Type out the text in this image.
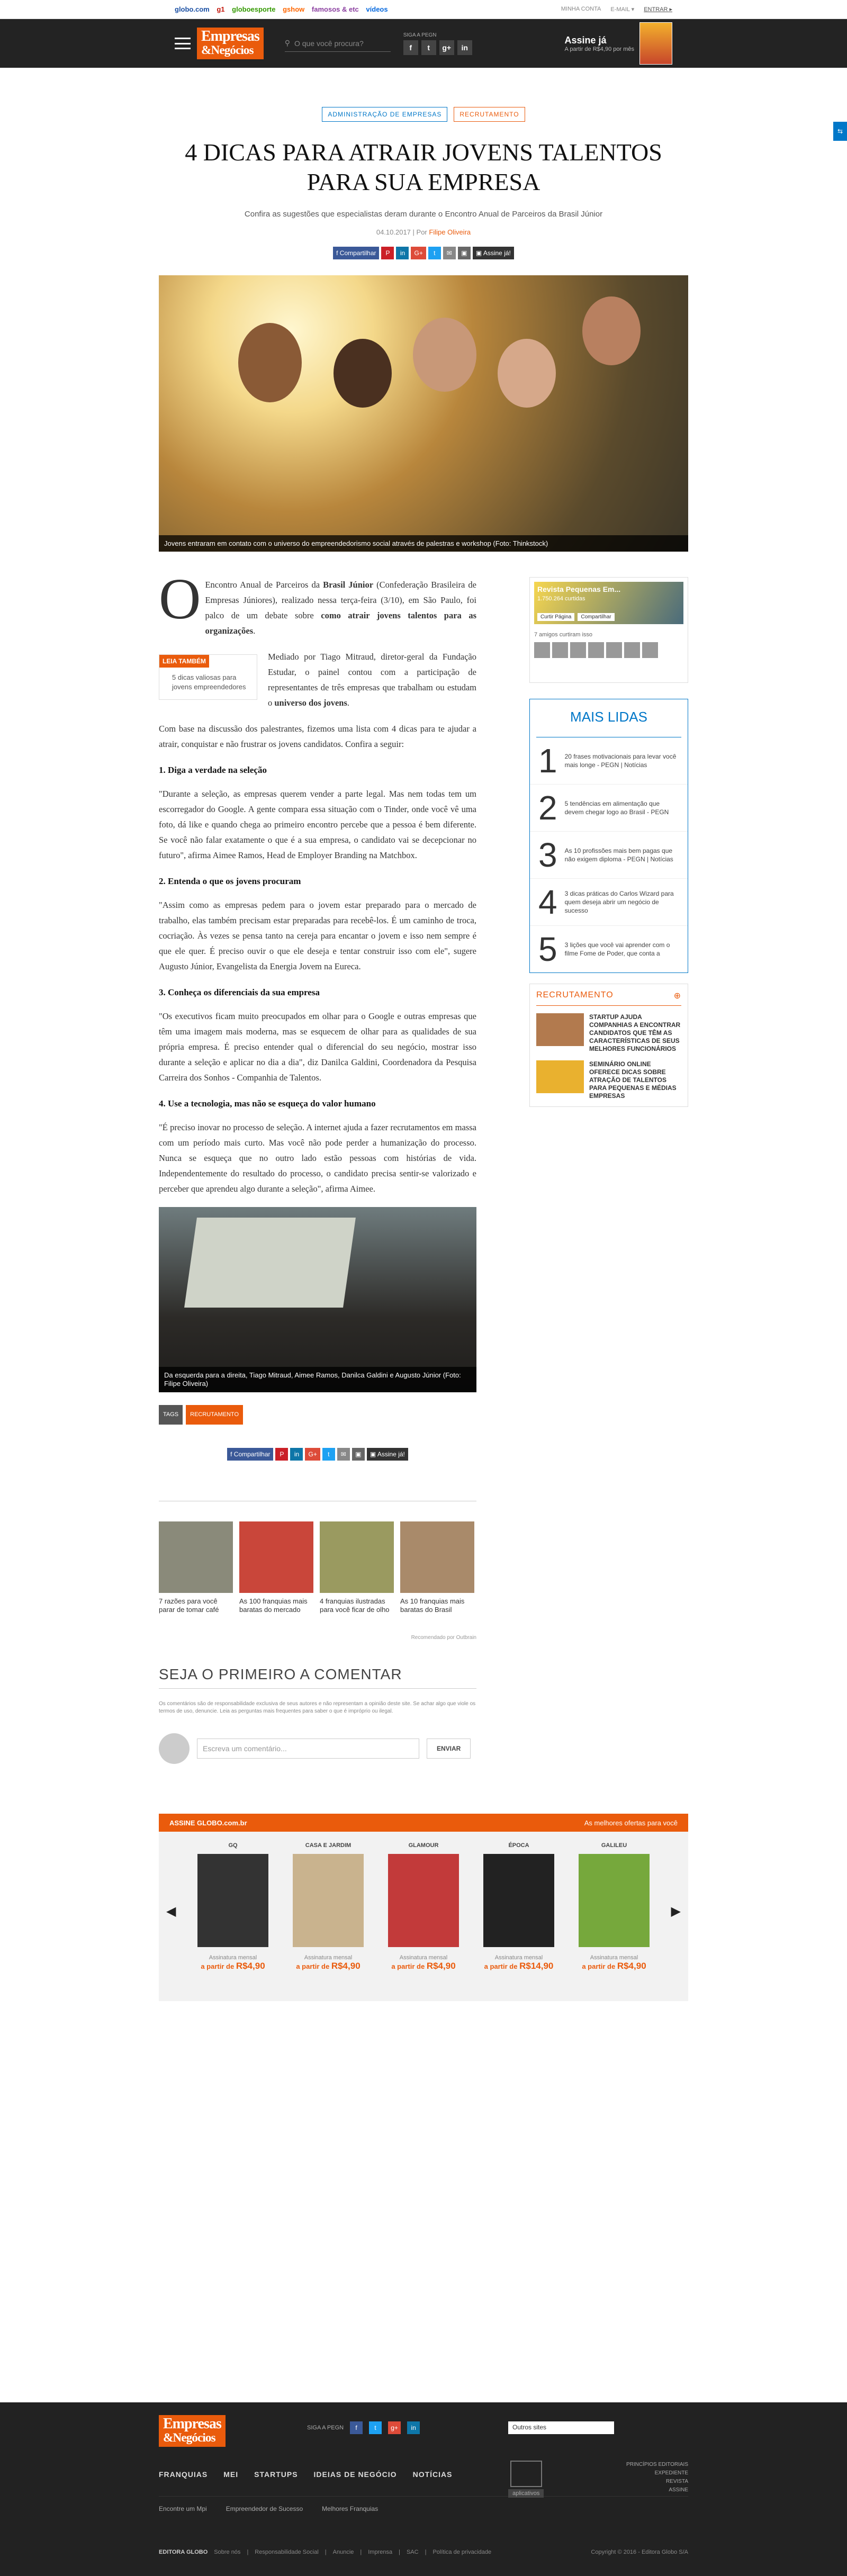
globo.com g1 globoesporte gshow famosos & etc vídeos	MINHA CONTA E-MAIL ▾ ENTRAR ▸
Empresas
&Negócios
⚲ O que você procura?
SIGA A PEGN
f	t	g+	in
Assine já
A partir de R$4,90 por mês
⇆
ADMINISTRAÇÃO DE EMPRESAS	RECRUTAMENTO
4 DICAS PARA ATRAIR JOVENS TALENTOS PARA SUA EMPRESA
Confira as sugestões que especialistas deram durante o Encontro Anual de Parceiros da Brasil Júnior
04.10.2017 | Por Filipe Oliveira
f Compartilhar	P	in	G+	t	✉	▣	▣ Assine já!
Jovens entraram em contato com o universo do empreendedorismo social através de palestras e workshop (Foto: Thinkstock)
O Encontro Anual de Parceiros da Brasil Júnior (Confederação Brasileira de Empresas Júniores), realizado nessa terça-feira (3/10), em São Paulo, foi palco de um debate sobre como atrair jovens talentos para as organizações.

LEIA TAMBÉM
5 dicas valiosas para jovens empreendedores

Mediado por Tiago Mitraud, diretor-geral da Fundação Estudar, o painel contou com a participação de representantes de três empresas que trabalham ou estudam o universo dos jovens.

Com base na discussão dos palestrantes, fizemos uma lista com 4 dicas para te ajudar a atrair, conquistar e não frustrar os jovens candidatos. Confira a seguir:

1. Diga a verdade na seleção

"Durante a seleção, as empresas querem vender a parte legal. Mas nem todas tem um escorregador do Google. A gente compara essa situação com o Tinder, onde você vê uma foto, dá like e quando chega ao primeiro encontro percebe que a pessoa é bem diferente. Se você não falar exatamente o que é a sua empresa, o candidato vai se decepcionar no futuro", afirma Aimee Ramos, Head de Employer Branding na Matchbox.

2. Entenda o que os jovens procuram

"Assim como as empresas pedem para o jovem estar preparado para o mercado de trabalho, elas também precisam estar preparadas para recebê-los. É um caminho de troca, cocriação. Às vezes se pensa tanto na cereja para encantar o jovem e isso nem sempre é que ele quer. É preciso ouvir o que ele deseja e tentar construir isso com ele", sugere Augusto Júnior, Evangelista da Energia Jovem na Eureca.

3. Conheça os diferenciais da sua empresa

"Os executivos ficam muito preocupados em olhar para o Google e outras empresas que têm uma imagem mais moderna, mas se esquecem de olhar para as qualidades de sua própria empresa. É preciso entender qual o diferencial do seu negócio, mostrar isso durante a seleção e aplicar no dia a dia", diz Danilca Galdini, Coordenadora da Pesquisa Carreira dos Sonhos - Companhia de Talentos.

4. Use a tecnologia, mas não se esqueça do valor humano

"É preciso inovar no processo de seleção. A internet ajuda a fazer recrutamentos em massa com um período mais curto. Mas você não pode perder a humanização do processo. Nunca se esqueça que no outro lado estão pessoas com histórias de vida. Independentemente do resultado do processo, o candidato precisa sentir-se valorizado e perceber que aprendeu algo durante a seleção", afirma Aimee.

Da esquerda para a direita, Tiago Mitraud, Aimee Ramos, Danilca Galdini e Augusto Júnior (Foto: Filipe Oliveira)
TAGS	RECRUTAMENTO
f Compartilhar	P	in	G+	t	✉	▣	▣ Assine já!
7 razões para você parar de tomar café
As 100 franquias mais baratas do mercado
4 franquias ilustradas para você ficar de olho
As 10 franquias mais baratas do Brasil
Recomendado por Outbrain
SEJA O PRIMEIRO A COMENTAR
Os comentários são de responsabilidade exclusiva de seus autores e não representam a opinião deste site. Se achar algo que viole os termos de uso, denuncie. Leia as perguntas mais frequentes para saber o que é impróprio ou ilegal.
Escreva um comentário...	ENVIAR
Revista Pequenas Em...
1.750.264 curtidas
Curtir Página	Compartilhar
7 amigos curtiram isso
MAIS LIDAS
1 20 frases motivacionais para levar você mais longe - PEGN | Notícias
2 5 tendências em alimentação que devem chegar logo ao Brasil - PEGN
3 As 10 profissões mais bem pagas que não exigem diploma - PEGN | Notícias
4 3 dicas práticas do Carlos Wizard para quem deseja abrir um negócio de sucesso
5 3 lições que você vai aprender com o filme Fome de Poder, que conta a
RECRUTAMENTO	⊕
STARTUP AJUDA COMPANHIAS A ENCONTRAR CANDIDATOS QUE TÊM AS CARACTERÍSTICAS DE SEUS MELHORES FUNCIONÁRIOS
SEMINÁRIO ONLINE OFERECE DICAS SOBRE ATRAÇÃO DE TALENTOS PARA PEQUENAS E MÉDIAS EMPRESAS
ASSINE GLOBO.com.br	As melhores ofertas para você
◀	▶
GQ
Assinatura mensal
a partir de R$4,90
CASA E JARDIM
Assinatura mensal
a partir de R$4,90
GLAMOUR
Assinatura mensal
a partir de R$4,90
ÉPOCA
Assinatura mensal
a partir de R$14,90
GALILEU
Assinatura mensal
a partir de R$4,90
Empresas
&Negócios
SIGA A PEGN	f	t	g+	in	Outros sites
FRANQUIAS MEI STARTUPS IDEIAS DE NEGÓCIO NOTÍCIAS
aplicativos
PRINCÍPIOS EDITORIAIS
EXPEDIENTE
REVISTA
ASSINE
Encontre um Mpi	Empreendedor de Sucesso	Melhores Franquias
EDITORA GLOBO Sobre nós | Responsabilidade Social | Anuncie | Imprensa | SAC | Política de privacidade	Copyright © 2016 - Editora Globo S/A
